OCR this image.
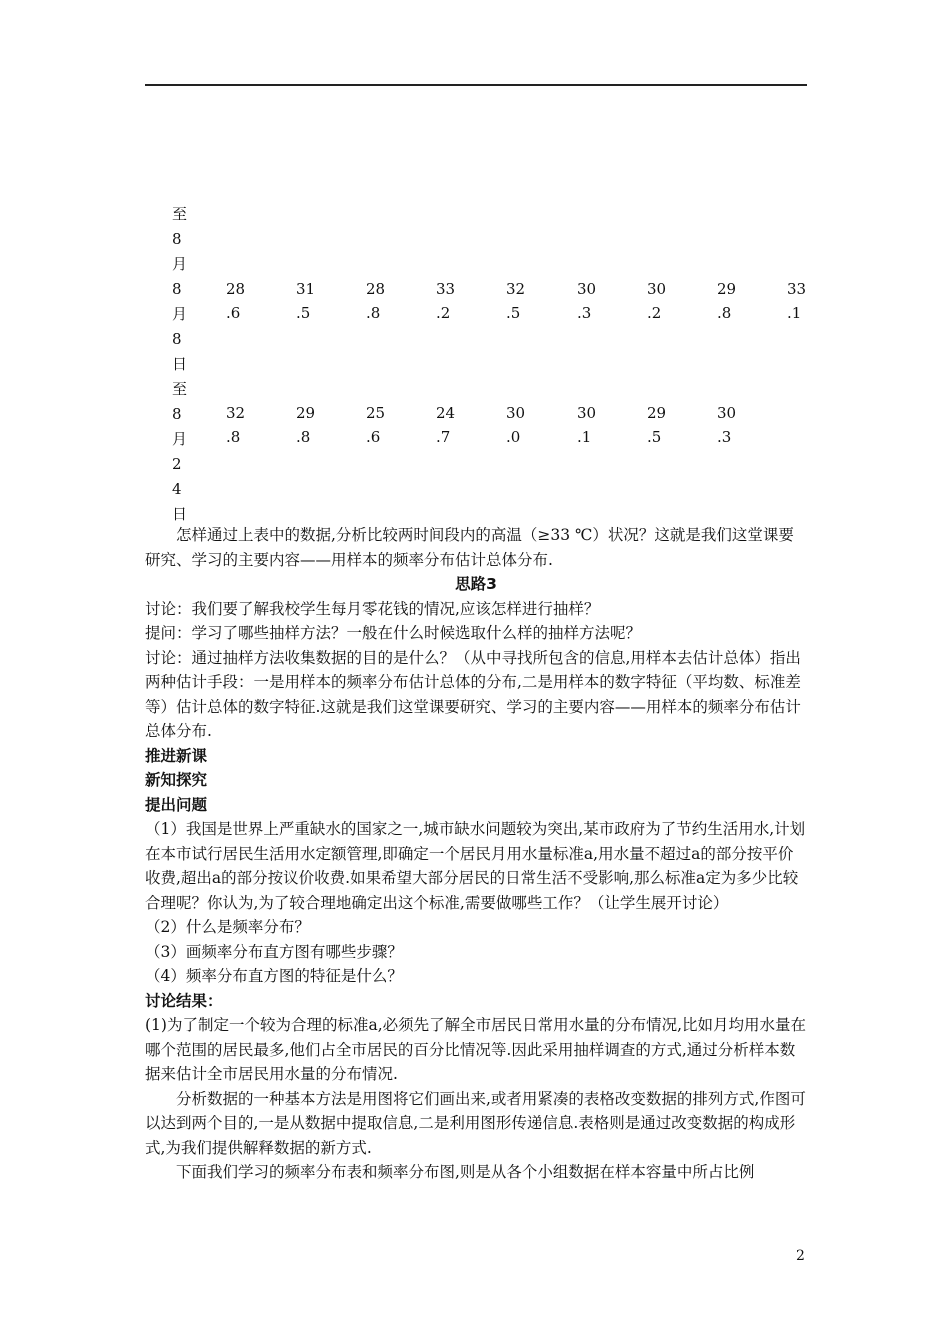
至
8
月
8
月
8
日
至
8
月
2
4
日
28
.6
31
.5
28
.8
33
.2
32
.5
30
.3
30
.2
29
.8
33
.1
32
.8
29
.8
25
.6
24
.7
30
.0
30
.1
29
.5
30
.3

怎样通过上表中的数据,分析比较两时间段内的高温（≥33 ℃）状况？这就是我们这堂课要研究、学习的主要内容——用样本的频率分布估计总体分布.

思路3

讨论：我们要了解我校学生每月零花钱的情况,应该怎样进行抽样？

提问：学习了哪些抽样方法？一般在什么时候选取什么样的抽样方法呢？

讨论：通过抽样方法收集数据的目的是什么？（从中寻找所包含的信息,用样本去估计总体）指出两种估计手段：一是用样本的频率分布估计总体的分布,二是用样本的数字特征（平均数、标准差等）估计总体的数字特征.这就是我们这堂课要研究、学习的主要内容——用样本的频率分布估计总体分布.

推进新课

新知探究

提出问题

（1）我国是世界上严重缺水的国家之一,城市缺水问题较为突出,某市政府为了节约生活用水,计划在本市试行居民生活用水定额管理,即确定一个居民月用水量标准a,用水量不超过a的部分按平价收费,超出a的部分按议价收费.如果希望大部分居民的日常生活不受影响,那么标准a定为多少比较合理呢？你认为,为了较合理地确定出这个标准,需要做哪些工作？（让学生展开讨论）

（2）什么是频率分布？

（3）画频率分布直方图有哪些步骤？

（4）频率分布直方图的特征是什么？

讨论结果：

(1)为了制定一个较为合理的标准a,必须先了解全市居民日常用水量的分布情况,比如月均用水量在哪个范围的居民最多,他们占全市居民的百分比情况等.因此采用抽样调查的方式,通过分析样本数据来估计全市居民用水量的分布情况.

分析数据的一种基本方法是用图将它们画出来,或者用紧凑的表格改变数据的排列方式,作图可以达到两个目的,一是从数据中提取信息,二是利用图形传递信息.表格则是通过改变数据的构成形式,为我们提供解释数据的新方式.

下面我们学习的频率分布表和频率分布图,则是从各个小组数据在样本容量中所占比例

2
